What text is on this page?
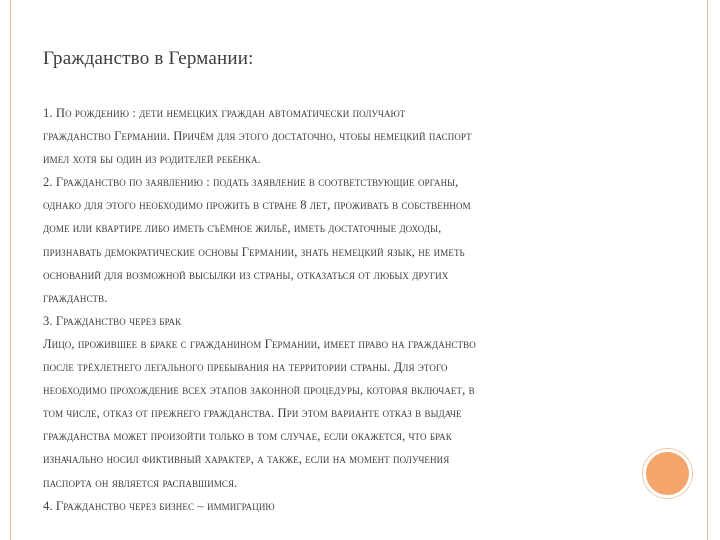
Гражданство в Германии:

1. По рождению : дети немецких граждан автоматически получают

гражданство Германии. Причём для этого достаточно, чтобы немецкий паспорт

имел хотя бы один из родителей ребёнка.

2. Гражданство по заявлению : подать заявление в соответствующие органы,

однако для этого необходимо прожить в стране 8 лет, проживать в собственном

доме или квартире либо иметь съёмное жильё, иметь достаточные доходы,

признавать демократические основы Германии, знать немецкий язык, не иметь

оснований для возможной высылки из страны, отказаться от любых других

гражданств.

3. Гражданство через брак

Лицо, прожившее в браке с гражданином Германии, имеет право на гражданство

после трёхлетнего легального пребывания на территории страны. Для этого

необходимо прохождение всех этапов законной процедуры, которая включает, в

том числе, отказ от прежнего гражданства. При этом варианте отказ в выдаче

гражданства может произойти только в том случае, если окажется, что брак

изначально носил фиктивный характер, а также, если на момент получения

паспорта он является распавшимся.

4. Гражданство через бизнес – иммиграцию
